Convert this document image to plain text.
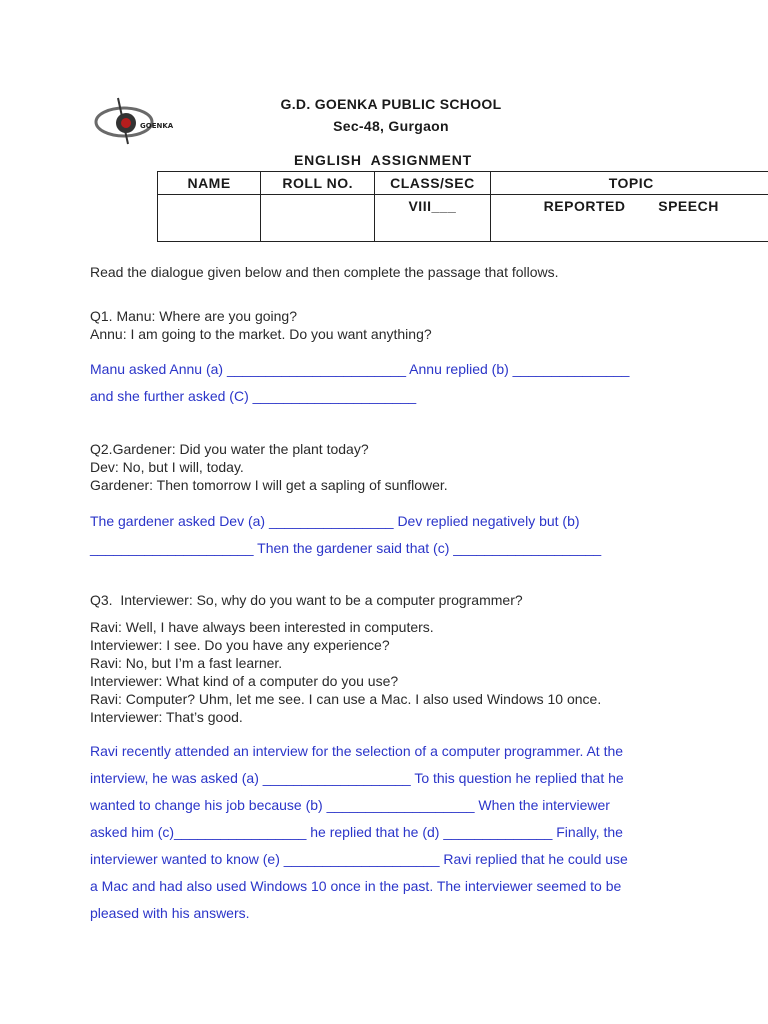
GOENKA
G.D. GOENKA PUBLIC SCHOOL
Sec-48, Gurgaon
ENGLISH  ASSIGNMENT
NAME	ROLL NO.	CLASS/SEC	TOPIC
		VIII___	REPORTED  SPEECH
Read the dialogue given below and then complete the passage that follows.
Q1. Manu: Where are you going?
Annu: I am going to the market. Do you want anything?
Manu asked Annu (a) _______________________ Annu replied (b) _______________
and she further asked (C) _____________________
Q2.Gardener: Did you water the plant today?
Dev: No, but I will, today.
Gardener: Then tomorrow I will get a sapling of sunflower.
The gardener asked Dev (a) ________________ Dev replied negatively but (b)
_____________________ Then the gardener said that (c) ___________________
Q3.  Interviewer: So, why do you want to be a computer programmer?
Ravi: Well, I have always been interested in computers.
Interviewer: I see. Do you have any experience?
Ravi: No, but I’m a fast learner.
Interviewer: What kind of a computer do you use?
Ravi: Computer? Uhm, let me see. I can use a Mac. I also used Windows 10 once.
Interviewer: That’s good.
Ravi recently attended an interview for the selection of a computer programmer. At the
interview, he was asked (a) ___________________ To this question he replied that he
wanted to change his job because (b) ___________________ When the interviewer
asked him (c)_________________ he replied that he (d) ______________ Finally, the
interviewer wanted to know (e) ____________________ Ravi replied that he could use
a Mac and had also used Windows 10 once in the past. The interviewer seemed to be
pleased with his answers.
